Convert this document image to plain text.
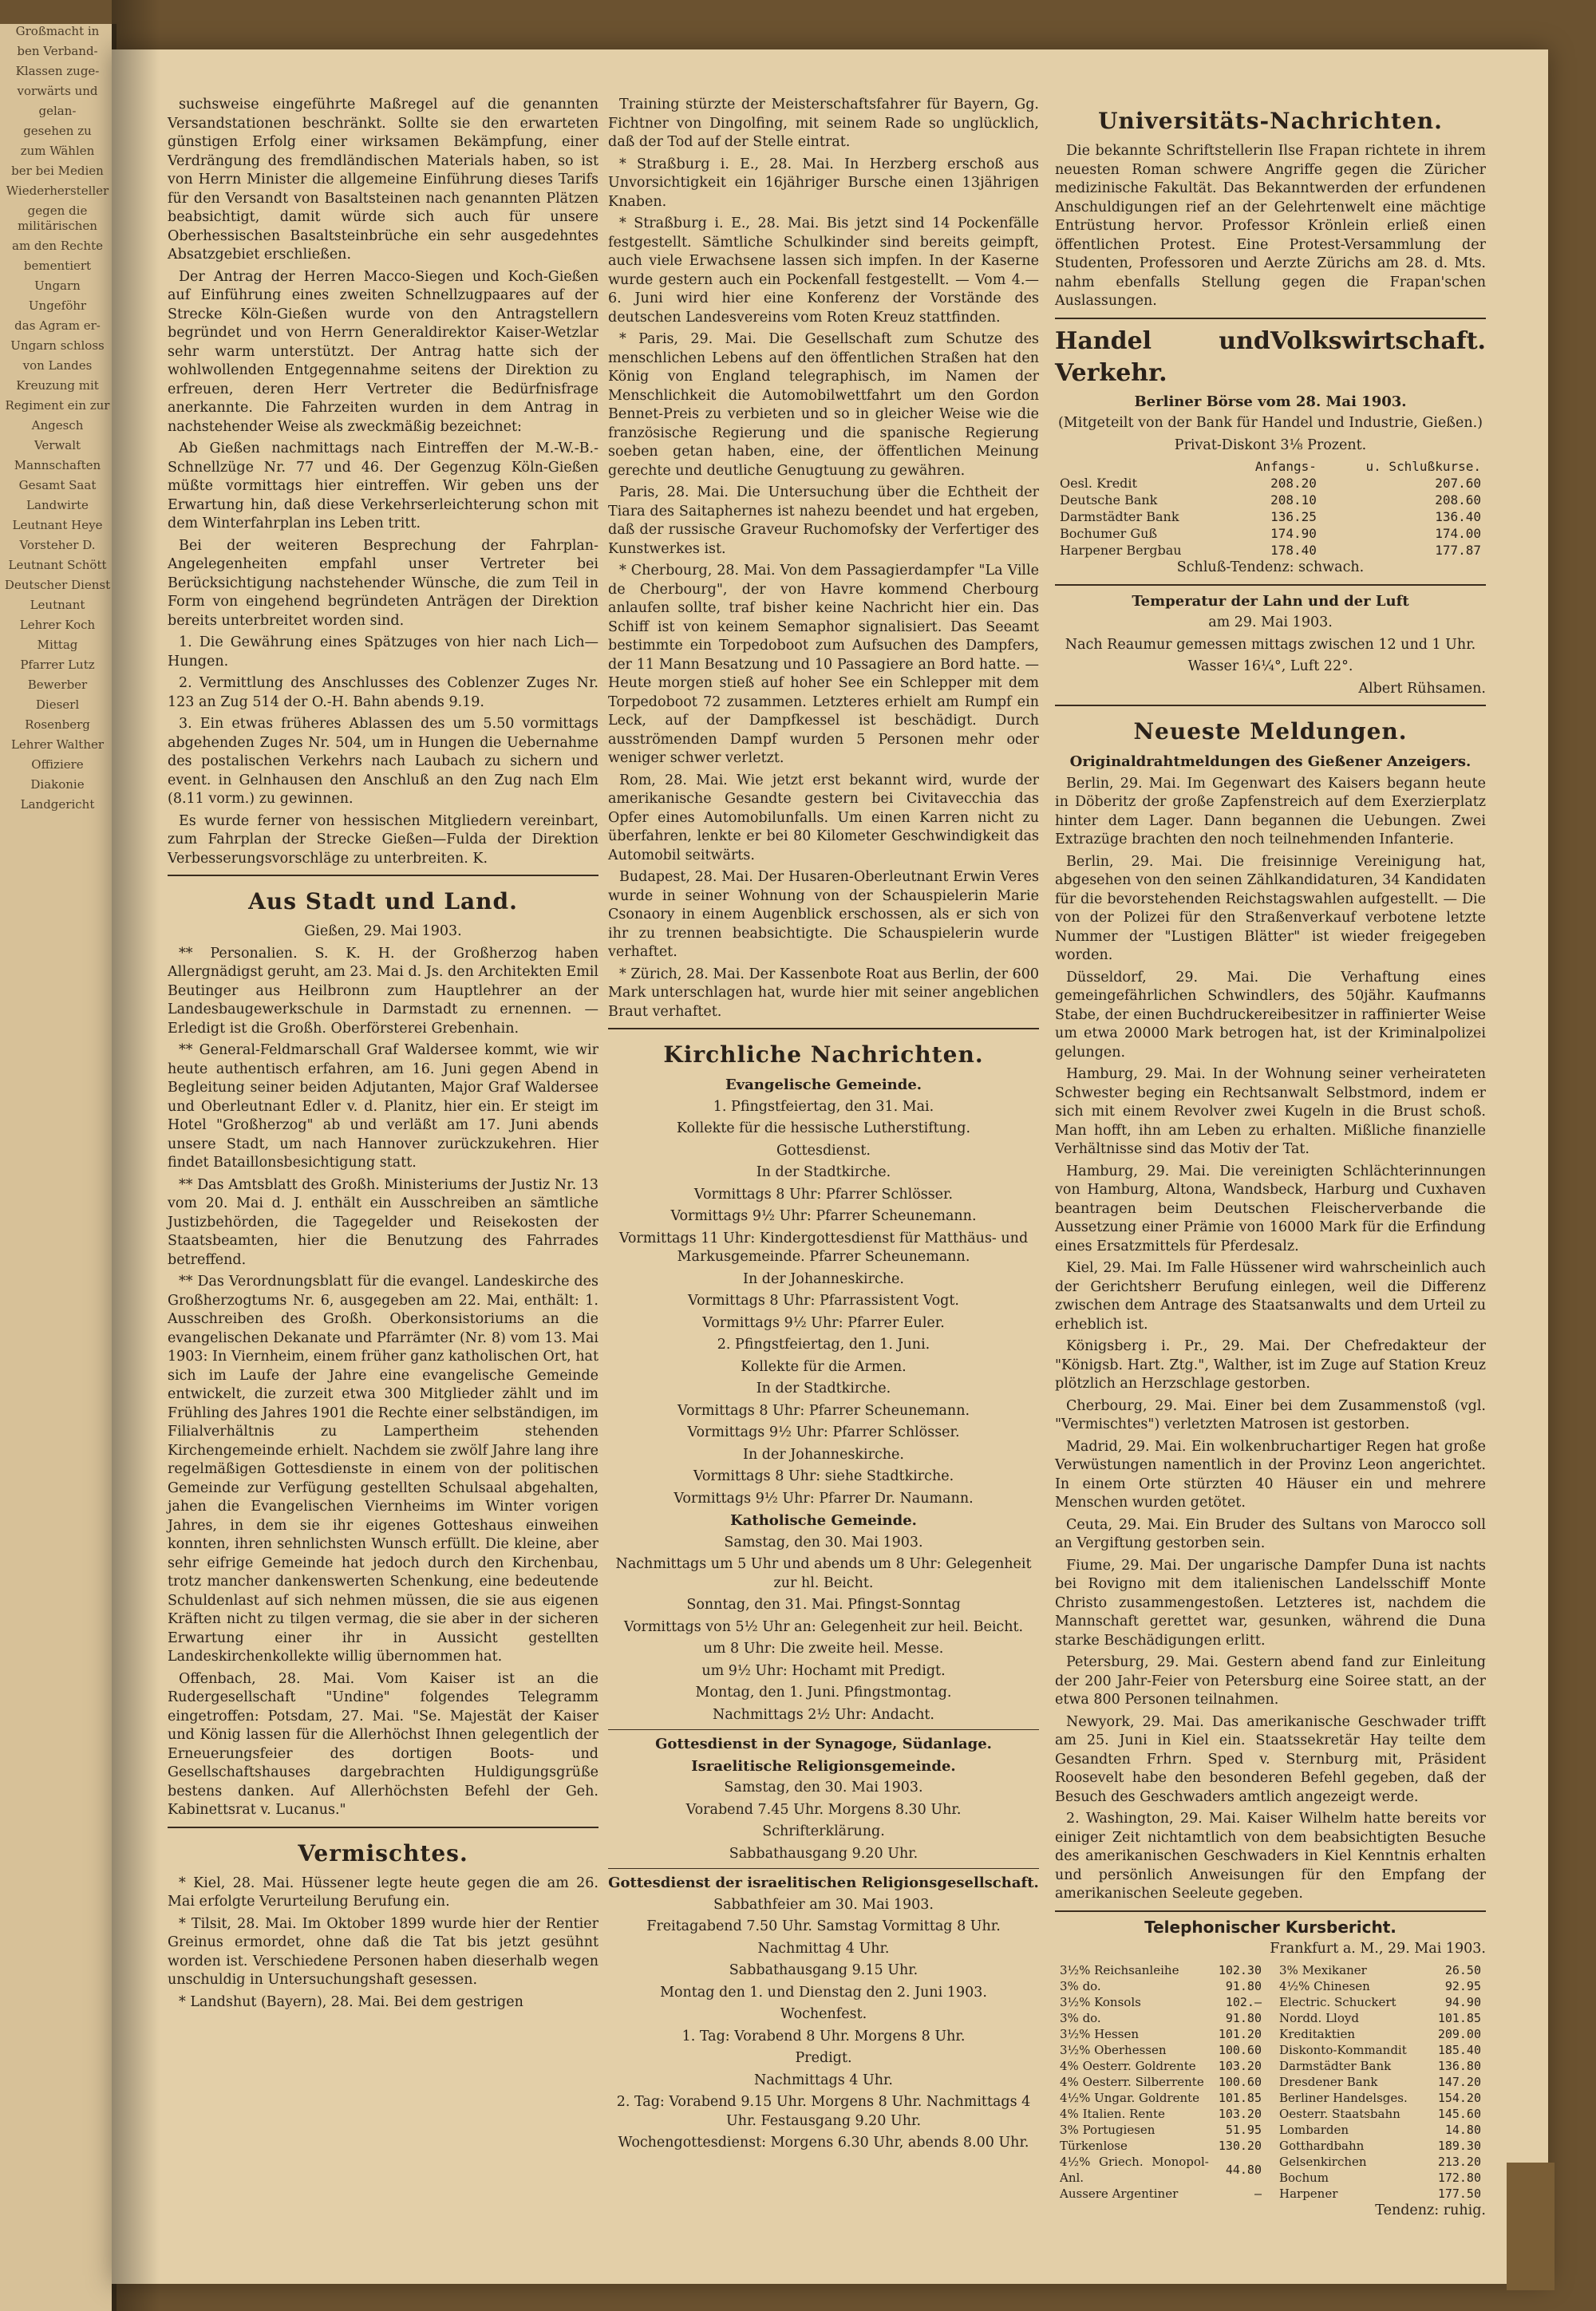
Großmacht in

ben Verband-

Klassen zuge-

vorwärts und

gelan-

gesehen zu

zum Wählen

ber bei Medien

Wiederhersteller

gegen die militärischen

am den Rechte

bementiert

Ungarn

Ungeföhr

das Agram er-

Ungarn schloss

von Landes

Kreuzung mit

Regiment ein zur

Angesch

Verwalt

Mannschaften

Gesamt Saat

Landwirte

Leutnant Heye

Vorsteher D.

Leutnant Schött

Deutscher Dienst

Leutnant

Lehrer Koch

Mittag

Pfarrer Lutz

Bewerber

Dieserl

Rosenberg

Lehrer Walther

Offiziere

Diakonie

Landgericht

suchsweise eingeführte Maßregel auf die genannten Versandstationen beschränkt. Sollte sie den erwarteten günstigen Erfolg einer wirksamen Bekämpfung, einer Verdrängung des fremdländischen Materials haben, so ist von Herrn Minister die allgemeine Einführung dieses Tarifs für den Versandt von Basaltsteinen nach genannten Plätzen beabsichtigt, damit würde sich auch für unsere Oberhessischen Basaltsteinbrüche ein sehr ausgedehntes Absatzgebiet erschließen.

Der Antrag der Herren Macco-Siegen und Koch-Gießen auf Einführung eines zweiten Schnellzugpaares auf der Strecke Köln-Gießen wurde von den Antragstellern begründet und von Herrn Generaldirektor Kaiser-Wetzlar sehr warm unterstützt. Der Antrag hatte sich der wohlwollenden Entgegennahme seitens der Direktion zu erfreuen, deren Herr Vertreter die Bedürfnisfrage anerkannte. Die Fahrzeiten wurden in dem Antrag in nachstehender Weise als zweckmäßig bezeichnet:

Ab Gießen nachmittags nach Eintreffen der M.-W.-B.-Schnellzüge Nr. 77 und 46. Der Gegenzug Köln-Gießen müßte vormittags hier eintreffen. Wir geben uns der Erwartung hin, daß diese Verkehrserleichterung schon mit dem Winterfahrplan ins Leben tritt.

Bei der weiteren Besprechung der Fahrplan-Angelegenheiten empfahl unser Vertreter bei Berücksichtigung nachstehender Wünsche, die zum Teil in Form von eingehend begründeten Anträgen der Direktion bereits unterbreitet worden sind.

1. Die Gewährung eines Spätzuges von hier nach Lich—Hungen.

2. Vermittlung des Anschlusses des Coblenzer Zuges Nr. 123 an Zug 514 der O.-H. Bahn abends 9.19.

3. Ein etwas früheres Ablassen des um 5.50 vormittags abgehenden Zuges Nr. 504, um in Hungen die Uebernahme des postalischen Verkehrs nach Laubach zu sichern und event. in Gelnhausen den Anschluß an den Zug nach Elm (8.11 vorm.) zu gewinnen.

Es wurde ferner von hessischen Mitgliedern vereinbart, zum Fahrplan der Strecke Gießen—Fulda der Direktion Verbesserungsvorschläge zu unterbreiten. K.

Aus Stadt und Land.

Gießen, 29. Mai 1903.

** Personalien. S. K. H. der Großherzog haben Allergnädigst geruht, am 23. Mai d. Js. den Architekten Emil Beutinger aus Heilbronn zum Hauptlehrer an der Landesbaugewerkschule in Darmstadt zu ernennen. — Erledigt ist die Großh. Oberförsterei Grebenhain.

** General-Feldmarschall Graf Waldersee kommt, wie wir heute authentisch erfahren, am 16. Juni gegen Abend in Begleitung seiner beiden Adjutanten, Major Graf Waldersee und Oberleutnant Edler v. d. Planitz, hier ein. Er steigt im Hotel "Großherzog" ab und verläßt am 17. Juni abends unsere Stadt, um nach Hannover zurückzukehren. Hier findet Bataillonsbesichtigung statt.

** Das Amtsblatt des Großh. Ministeriums der Justiz Nr. 13 vom 20. Mai d. J. enthält ein Ausschreiben an sämtliche Justizbehörden, die Tagegelder und Reisekosten der Staatsbeamten, hier die Benutzung des Fahrrades betreffend.

** Das Verordnungsblatt für die evangel. Landeskirche des Großherzogtums Nr. 6, ausgegeben am 22. Mai, enthält: 1. Ausschreiben des Großh. Oberkonsistoriums an die evangelischen Dekanate und Pfarrämter (Nr. 8) vom 13. Mai 1903: In Viernheim, einem früher ganz katholischen Ort, hat sich im Laufe der Jahre eine evangelische Gemeinde entwickelt, die zurzeit etwa 300 Mitglieder zählt und im Frühling des Jahres 1901 die Rechte einer selbständigen, im Filialverhältnis zu Lampertheim stehenden Kirchengemeinde erhielt. Nachdem sie zwölf Jahre lang ihre regelmäßigen Gottesdienste in einem von der politischen Gemeinde zur Verfügung gestellten Schulsaal abgehalten, jahen die Evangelischen Viernheims im Winter vorigen Jahres, in dem sie ihr eigenes Gotteshaus einweihen konnten, ihren sehnlichsten Wunsch erfüllt. Die kleine, aber sehr eifrige Gemeinde hat jedoch durch den Kirchenbau, trotz mancher dankenswerten Schenkung, eine bedeutende Schuldenlast auf sich nehmen müssen, die sie aus eigenen Kräften nicht zu tilgen vermag, die sie aber in der sicheren Erwartung einer ihr in Aussicht gestellten Landeskirchenkollekte willig übernommen hat.

Offenbach, 28. Mai. Vom Kaiser ist an die Rudergesellschaft "Undine" folgendes Telegramm eingetroffen: Potsdam, 27. Mai. "Se. Majestät der Kaiser und König lassen für die Allerhöchst Ihnen gelegentlich der Erneuerungsfeier des dortigen Boots- und Gesellschaftshauses dargebrachten Huldigungsgrüße bestens danken. Auf Allerhöchsten Befehl der Geh. Kabinettsrat v. Lucanus."

Vermischtes.

* Kiel, 28. Mai. Hüssener legte heute gegen die am 26. Mai erfolgte Verurteilung Berufung ein.

* Tilsit, 28. Mai. Im Oktober 1899 wurde hier der Rentier Greinus ermordet, ohne daß die Tat bis jetzt gesühnt worden ist. Verschiedene Personen haben dieserhalb wegen unschuldig in Untersuchungshaft gesessen.

* Landshut (Bayern), 28. Mai. Bei dem gestrigen

Training stürzte der Meisterschaftsfahrer für Bayern, Gg. Fichtner von Dingolfing, mit seinem Rade so unglücklich, daß der Tod auf der Stelle eintrat.

* Straßburg i. E., 28. Mai. In Herzberg erschoß aus Unvorsichtigkeit ein 16jähriger Bursche einen 13jährigen Knaben.

* Straßburg i. E., 28. Mai. Bis jetzt sind 14 Pockenfälle festgestellt. Sämtliche Schulkinder sind bereits geimpft, auch viele Erwachsene lassen sich impfen. In der Kaserne wurde gestern auch ein Pockenfall festgestellt. — Vom 4.—6. Juni wird hier eine Konferenz der Vorstände des deutschen Landesvereins vom Roten Kreuz stattfinden.

* Paris, 29. Mai. Die Gesellschaft zum Schutze des menschlichen Lebens auf den öffentlichen Straßen hat den König von England telegraphisch, im Namen der Menschlichkeit die Automobilwettfahrt um den Gordon Bennet-Preis zu verbieten und so in gleicher Weise wie die französische Regierung und die spanische Regierung soeben getan haben, eine, der öffentlichen Meinung gerechte und deutliche Genugtuung zu gewähren.

Paris, 28. Mai. Die Untersuchung über die Echtheit der Tiara des Saitaphernes ist nahezu beendet und hat ergeben, daß der russische Graveur Ruchomofsky der Verfertiger des Kunstwerkes ist.

* Cherbourg, 28. Mai. Von dem Passagierdampfer "La Ville de Cherbourg", der von Havre kommend Cherbourg anlaufen sollte, traf bisher keine Nachricht hier ein. Das Schiff ist von keinem Semaphor signalisiert. Das Seeamt bestimmte ein Torpedoboot zum Aufsuchen des Dampfers, der 11 Mann Besatzung und 10 Passagiere an Bord hatte. — Heute morgen stieß auf hoher See ein Schlepper mit dem Torpedoboot 72 zusammen. Letzteres erhielt am Rumpf ein Leck, auf der Dampfkessel ist beschädigt. Durch ausströmenden Dampf wurden 5 Personen mehr oder weniger schwer verletzt.

Rom, 28. Mai. Wie jetzt erst bekannt wird, wurde der amerikanische Gesandte gestern bei Civitavecchia das Opfer eines Automobilunfalls. Um einen Karren nicht zu überfahren, lenkte er bei 80 Kilometer Geschwindigkeit das Automobil seitwärts.

Budapest, 28. Mai. Der Husaren-Oberleutnant Erwin Veres wurde in seiner Wohnung von der Schauspielerin Marie Csonaory in einem Augenblick erschossen, als er sich von ihr zu trennen beabsichtigte. Die Schauspielerin wurde verhaftet.

* Zürich, 28. Mai. Der Kassenbote Roat aus Berlin, der 600 Mark unterschlagen hat, wurde hier mit seiner angeblichen Braut verhaftet.

Kirchliche Nachrichten.
Evangelische Gemeinde.

1. Pfingstfeiertag, den 31. Mai.

Kollekte für die hessische Lutherstiftung.

Gottesdienst.

In der Stadtkirche.

Vormittags 8 Uhr: Pfarrer Schlösser.

Vormittags 9½ Uhr: Pfarrer Scheunemann.

Vormittags 11 Uhr: Kindergottesdienst für Matthäus- und Markusgemeinde. Pfarrer Scheunemann.

In der Johanneskirche.

Vormittags 8 Uhr: Pfarrassistent Vogt.

Vormittags 9½ Uhr: Pfarrer Euler.

2. Pfingstfeiertag, den 1. Juni.

Kollekte für die Armen.

In der Stadtkirche.

Vormittags 8 Uhr: Pfarrer Scheunemann.

Vormittags 9½ Uhr: Pfarrer Schlösser.

In der Johanneskirche.

Vormittags 8 Uhr: siehe Stadtkirche.

Vormittags 9½ Uhr: Pfarrer Dr. Naumann.

Katholische Gemeinde.

Samstag, den 30. Mai 1903.

Nachmittags um 5 Uhr und abends um 8 Uhr: Gelegenheit zur hl. Beicht.

Sonntag, den 31. Mai. Pfingst-Sonntag

Vormittags von 5½ Uhr an: Gelegenheit zur heil. Beicht.

um 8 Uhr: Die zweite heil. Messe.

um 9½ Uhr: Hochamt mit Predigt.

Montag, den 1. Juni. Pfingstmontag.

Nachmittags 2½ Uhr: Andacht.

Gottesdienst in der Synagoge, Südanlage.
Israelitische Religionsgemeinde.

Samstag, den 30. Mai 1903.

Vorabend 7.45 Uhr. Morgens 8.30 Uhr.

Schrifterklärung.

Sabbathausgang 9.20 Uhr.

Gottesdienst der israelitischen Religionsgesellschaft.

Sabbathfeier am 30. Mai 1903.

Freitagabend 7.50 Uhr. Samstag Vormittag 8 Uhr.

Nachmittag 4 Uhr.

Sabbathausgang 9.15 Uhr.

Montag den 1. und Dienstag den 2. Juni 1903.

Wochenfest.

1. Tag: Vorabend 8 Uhr. Morgens 8 Uhr.

Predigt.

Nachmittags 4 Uhr.

2. Tag: Vorabend 9.15 Uhr. Morgens 8 Uhr. Nachmittags 4 Uhr. Festausgang 9.20 Uhr.

Wochengottesdienst: Morgens 6.30 Uhr, abends 8.00 Uhr.

Universitäts-Nachrichten.

Die bekannte Schriftstellerin Ilse Frapan richtete in ihrem neuesten Roman schwere Angriffe gegen die Züricher medizinische Fakultät. Das Bekanntwerden der erfundenen Anschuldigungen rief an der Gelehrtenwelt eine mächtige Entrüstung hervor. Professor Krönlein erließ einen öffentlichen Protest. Eine Protest-Versammlung der Studenten, Professoren und Aerzte Zürichs am 28. d. Mts. nahm ebenfalls Stellung gegen die Frapan'schen Auslassungen.

Handel und Verkehr.
Volkswirtschaft.
Berliner Börse vom 28. Mai 1903.

(Mitgeteilt von der Bank für Handel und Industrie, Gießen.)

Privat-Diskont 3⅛ Prozent.

	Anfangs-	u. Schlußkurse.
Oesl. Kredit	208.20	207.60
Deutsche Bank	208.10	208.60
Darmstädter Bank	136.25	136.40
Bochumer Guß	174.90	174.00
Harpener Bergbau	178.40	177.87

Schluß-Tendenz: schwach.

Temperatur der Lahn und der Luft

am 29. Mai 1903.

Nach Reaumur gemessen mittags zwischen 12 und 1 Uhr.

Wasser 16¼°, Luft 22°.

Albert Rühsamen.

Neueste Meldungen.
Originaldrahtmeldungen des Gießener Anzeigers.

Berlin, 29. Mai. Im Gegenwart des Kaisers begann heute in Döberitz der große Zapfenstreich auf dem Exerzierplatz hinter dem Lager. Dann begannen die Uebungen. Zwei Extrazüge brachten den noch teilnehmenden Infanterie.

Berlin, 29. Mai. Die freisinnige Vereinigung hat, abgesehen von den seinen Zählkandidaturen, 34 Kandidaten für die bevorstehenden Reichstagswahlen aufgestellt. — Die von der Polizei für den Straßenverkauf verbotene letzte Nummer der "Lustigen Blätter" ist wieder freigegeben worden.

Düsseldorf, 29. Mai. Die Verhaftung eines gemeingefährlichen Schwindlers, des 50jähr. Kaufmanns Stabe, der einen Buchdruckereibesitzer in raffinierter Weise um etwa 20000 Mark betrogen hat, ist der Kriminalpolizei gelungen.

Hamburg, 29. Mai. In der Wohnung seiner verheirateten Schwester beging ein Rechtsanwalt Selbstmord, indem er sich mit einem Revolver zwei Kugeln in die Brust schoß. Man hofft, ihn am Leben zu erhalten. Mißliche finanzielle Verhältnisse sind das Motiv der Tat.

Hamburg, 29. Mai. Die vereinigten Schlächterinnungen von Hamburg, Altona, Wandsbeck, Harburg und Cuxhaven beantragen beim Deutschen Fleischerverbande die Aussetzung einer Prämie von 16000 Mark für die Erfindung eines Ersatzmittels für Pferdesalz.

Kiel, 29. Mai. Im Falle Hüssener wird wahrscheinlich auch der Gerichtsherr Berufung einlegen, weil die Differenz zwischen dem Antrage des Staatsanwalts und dem Urteil zu erheblich ist.

Königsberg i. Pr., 29. Mai. Der Chefredakteur der "Königsb. Hart. Ztg.", Walther, ist im Zuge auf Station Kreuz plötzlich an Herzschlage gestorben.

Cherbourg, 29. Mai. Einer bei dem Zusammenstoß (vgl. "Vermischtes") verletzten Matrosen ist gestorben.

Madrid, 29. Mai. Ein wolkenbruchartiger Regen hat große Verwüstungen namentlich in der Provinz Leon angerichtet. In einem Orte stürzten 40 Häuser ein und mehrere Menschen wurden getötet.

Ceuta, 29. Mai. Ein Bruder des Sultans von Marocco soll an Vergiftung gestorben sein.

Fiume, 29. Mai. Der ungarische Dampfer Duna ist nachts bei Rovigno mit dem italienischen Landelsschiff Monte Christo zusammengestoßen. Letzteres ist, nachdem die Mannschaft gerettet war, gesunken, während die Duna starke Beschädigungen erlitt.

Petersburg, 29. Mai. Gestern abend fand zur Einleitung der 200 Jahr-Feier von Petersburg eine Soiree statt, an der etwa 800 Personen teilnahmen.

Newyork, 29. Mai. Das amerikanische Geschwader trifft am 25. Juni in Kiel ein. Staatssekretär Hay teilte dem Gesandten Frhrn. Sped v. Sternburg mit, Präsident Roosevelt habe den besonderen Befehl gegeben, daß der Besuch des Geschwaders amtlich angezeigt werde.

2. Washington, 29. Mai. Kaiser Wilhelm hatte bereits vor einiger Zeit nichtamtlich von dem beabsichtigten Besuche des amerikanischen Geschwaders in Kiel Kenntnis erhalten und persönlich Anweisungen für den Empfang der amerikanischen Seeleute gegeben.

Telephonischer Kursbericht.

Frankfurt a. M., 29. Mai 1903.

3½% Reichsanleihe	102.30
3% do.	91.80
3½% Konsols	102.—
3% do.	91.80
3½% Hessen	101.20
3½% Oberhessen	100.60
4% Oesterr. Goldrente	103.20
4% Oesterr. Silberrente	100.60
4½% Ungar. Goldrente	101.85
4% Italien. Rente	103.20
3% Portugiesen	51.95
Türkenlose	130.20
4½% Griech. Monopol-Anl.	44.80
Aussere Argentiner	—
3% Mexikaner	26.50
4½% Chinesen	92.95
Electric. Schuckert	94.90
Nordd. Lloyd	101.85
Kreditaktien	209.00
Diskonto-Kommandit	185.40
Darmstädter Bank	136.80
Dresdener Bank	147.20
Berliner Handelsges.	154.20
Oesterr. Staatsbahn	145.60
Lombarden	14.80
Gotthardbahn	189.30
Gelsenkirchen	213.20
Bochum	172.80
Harpener	177.50

Tendenz: ruhig.
